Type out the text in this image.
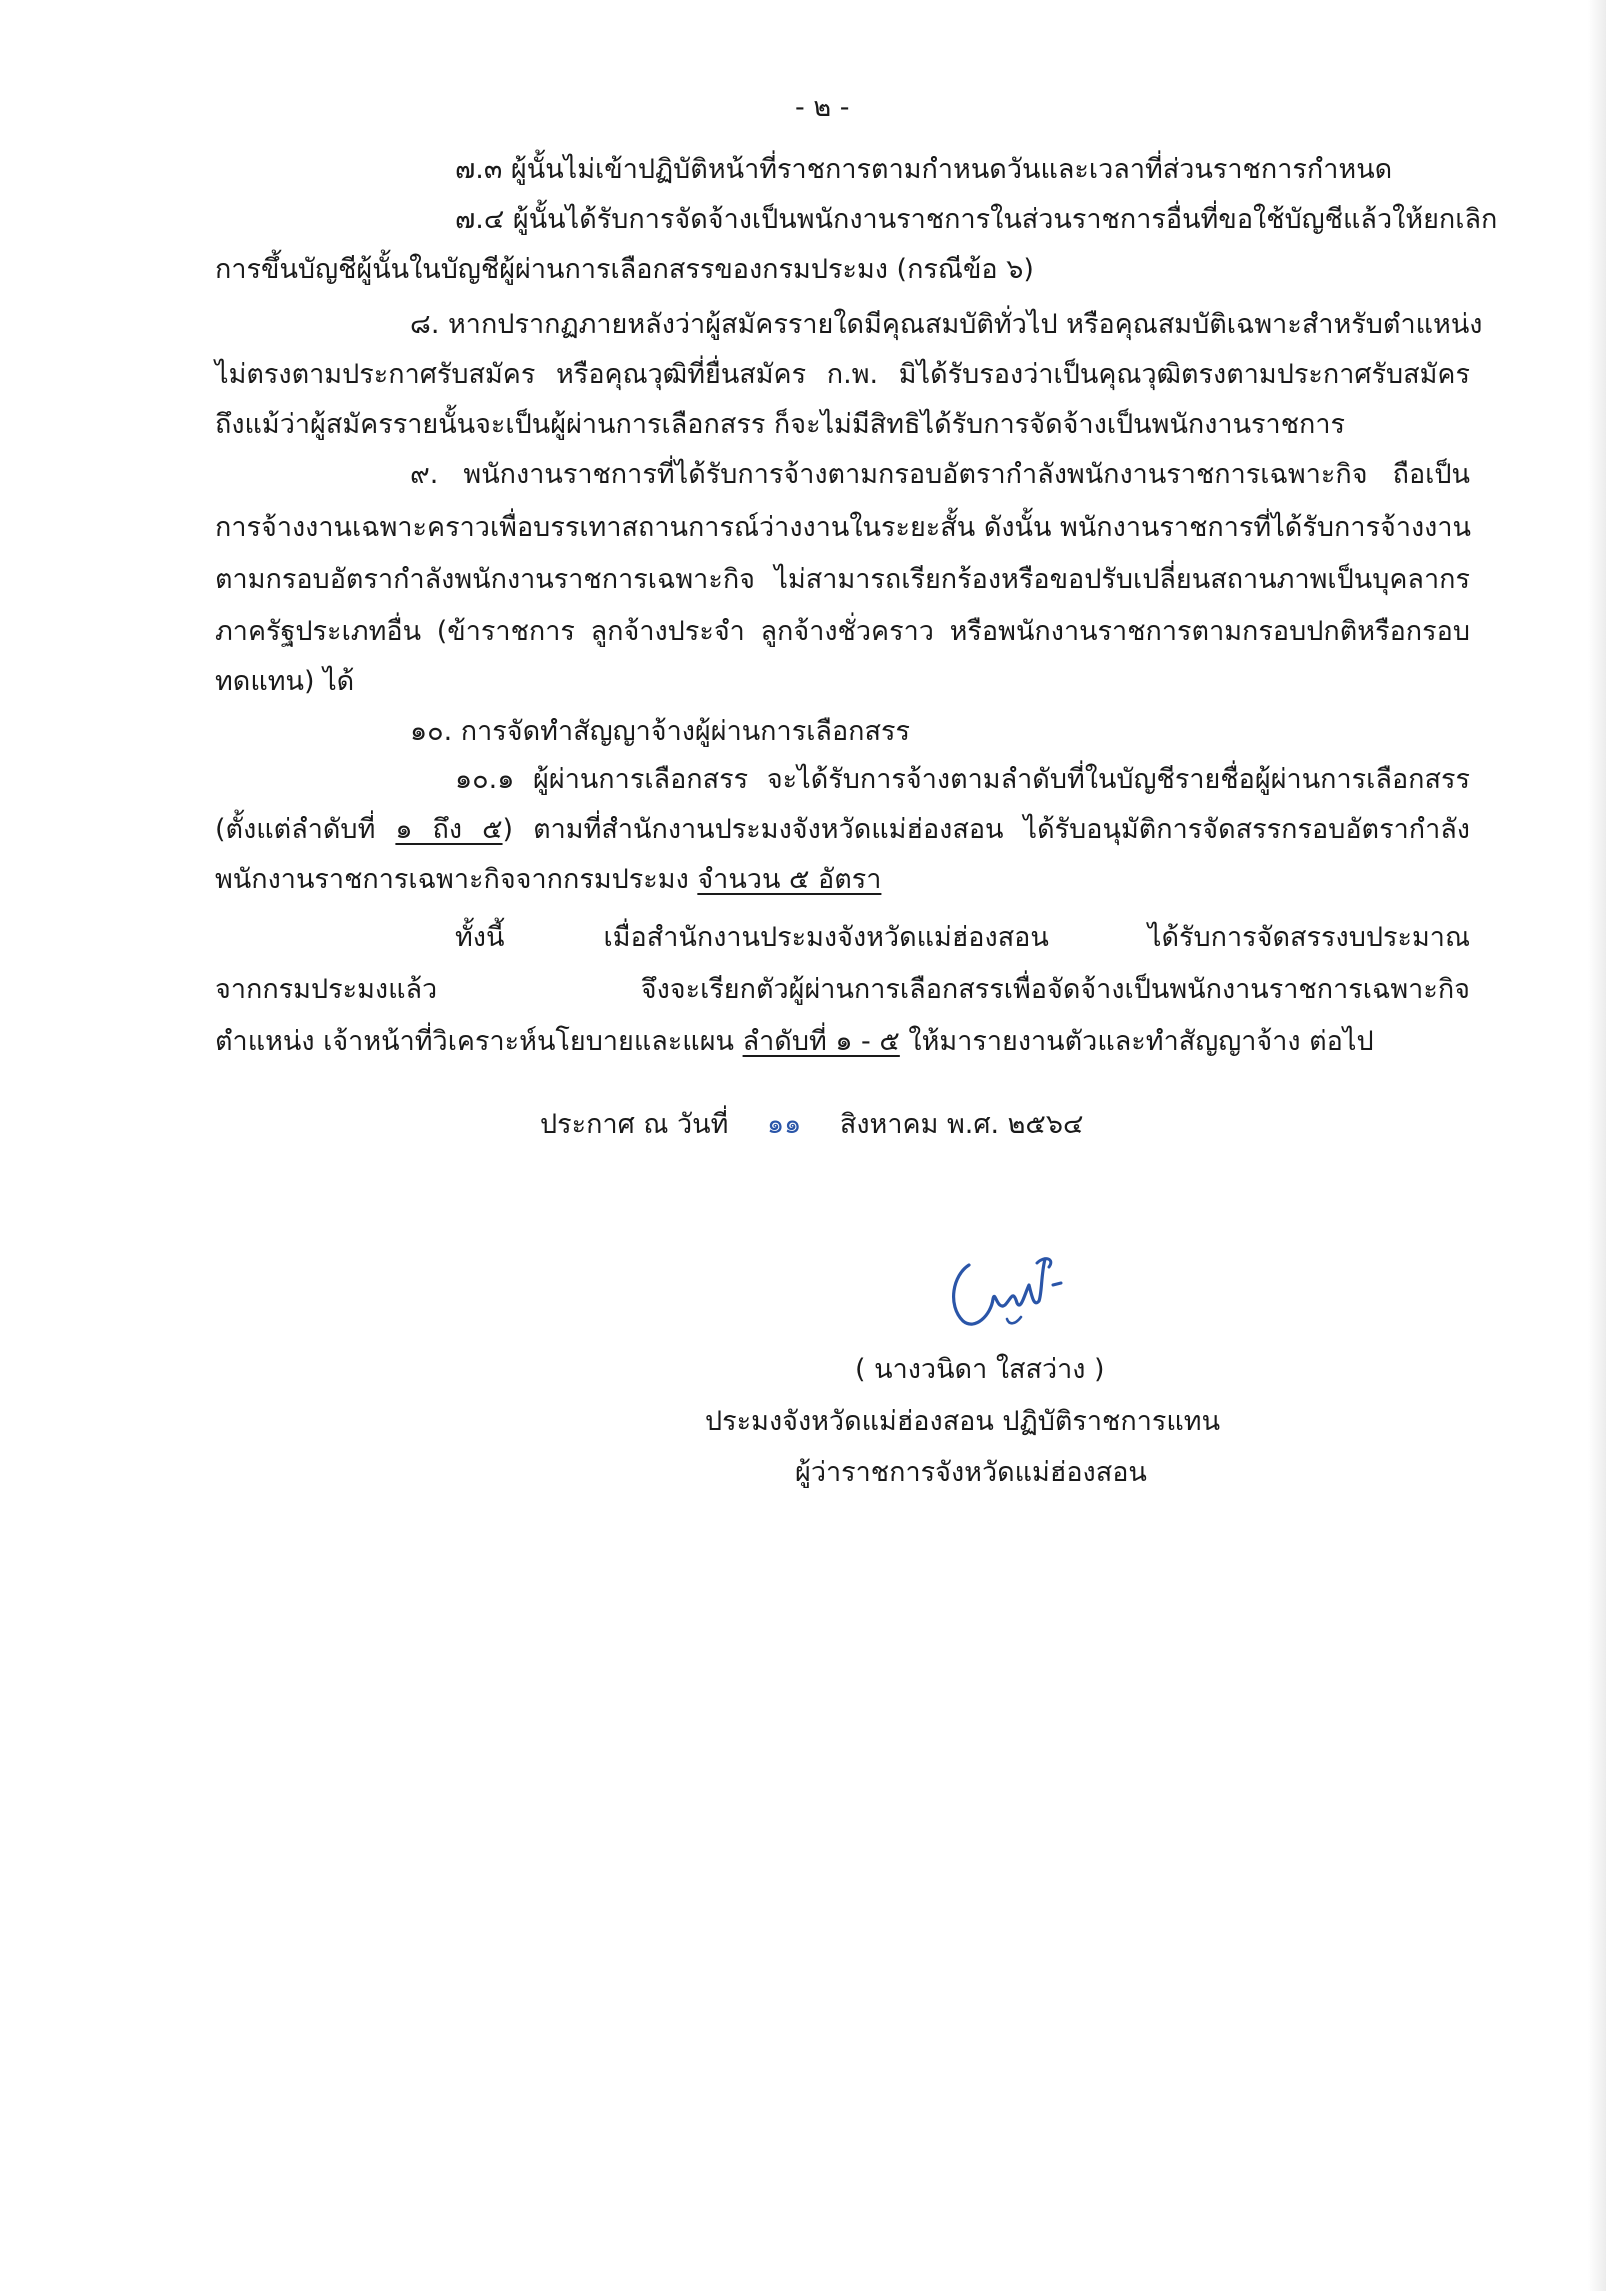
- ๒ -
๗.๓ ผู้นั้นไม่เข้าปฏิบัติหน้าที่ราชการตามกำหนดวันและเวลาที่ส่วนราชการกำหนด
๗.๔ ผู้นั้นได้รับการจัดจ้างเป็นพนักงานราชการในส่วนราชการอื่นที่ขอใช้บัญชีแล้วให้ยกเลิก
การขึ้นบัญชีผู้นั้นในบัญชีผู้ผ่านการเลือกสรรของกรมประมง (กรณีข้อ ๖)
๘. หากปรากฏภายหลังว่าผู้สมัครรายใดมีคุณสมบัติทั่วไป หรือคุณสมบัติเฉพาะสำหรับตำแหน่ง
ไม่ตรงตามประกาศรับสมัคร หรือคุณวุฒิที่ยื่นสมัคร ก.พ. มิได้รับรองว่าเป็นคุณวุฒิตรงตามประกาศรับสมัคร
ถึงแม้ว่าผู้สมัครรายนั้นจะเป็นผู้ผ่านการเลือกสรร ก็จะไม่มีสิทธิได้รับการจัดจ้างเป็นพนักงานราชการ
๙. พนักงานราชการที่ได้รับการจ้างตามกรอบอัตรากำลังพนักงานราชการเฉพาะกิจ ถือเป็น
การจ้างงานเฉพาะคราวเพื่อบรรเทาสถานการณ์ว่างงานในระยะสั้น ดังนั้น พนักงานราชการที่ได้รับการจ้างงาน
ตามกรอบอัตรากำลังพนักงานราชการเฉพาะกิจ ไม่สามารถเรียกร้องหรือขอปรับเปลี่ยนสถานภาพเป็นบุคลากร
ภาครัฐประเภทอื่น (ข้าราชการ ลูกจ้างประจำ ลูกจ้างชั่วคราว หรือพนักงานราชการตามกรอบปกติหรือกรอบ
ทดแทน) ได้
๑๐. การจัดทำสัญญาจ้างผู้ผ่านการเลือกสรร
๑๐.๑ ผู้ผ่านการเลือกสรร จะได้รับการจ้างตามลำดับที่ในบัญชีรายชื่อผู้ผ่านการเลือกสรร
(ตั้งแต่ลำดับที่ ๑ ถึง ๕) ตามที่สำนักงานประมงจังหวัดแม่ฮ่องสอน ได้รับอนุมัติการจัดสรรกรอบอัตรากำลัง
พนักงานราชการเฉพาะกิจจากกรมประมง จำนวน ๕ อัตรา
ทั้งนี้ เมื่อสำนักงานประมงจังหวัดแม่ฮ่องสอน ได้รับการจัดสรรงบประมาณ
จากกรมประมงแล้ว จึงจะเรียกตัวผู้ผ่านการเลือกสรรเพื่อจัดจ้างเป็นพนักงานราชการเฉพาะกิจ
ตำแหน่ง เจ้าหน้าที่วิเคราะห์นโยบายและแผน ลำดับที่ ๑ - ๕ ให้มารายงานตัวและทำสัญญาจ้าง ต่อไป
ประกาศ ณ วันที่ ๑๑ สิงหาคม พ.ศ. ๒๕๖๔
( นางวนิดา ใสสว่าง )
ประมงจังหวัดแม่ฮ่องสอน ปฏิบัติราชการแทน
ผู้ว่าราชการจังหวัดแม่ฮ่องสอน
